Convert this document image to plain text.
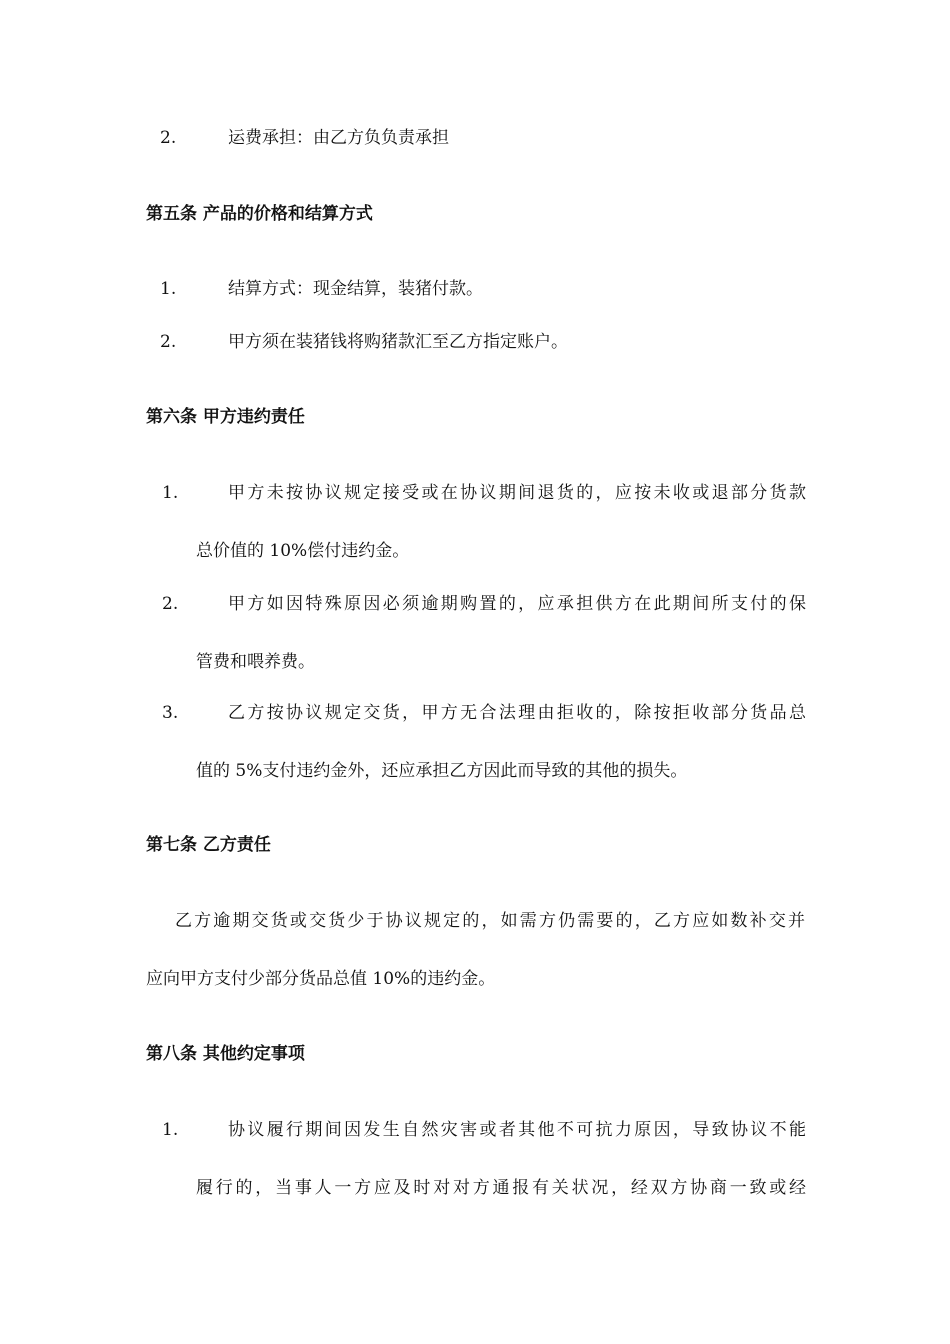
2.	运费承担：由乙方负负责承担
第五条 产品的价格和结算方式
1.	结算方式：现金结算，装猪付款。
2.	甲方须在装猪钱将购猪款汇至乙方指定账户。
第六条 甲方违约责任
1.	甲方未按协议规定接受或在协议期间退货的，应按未收或退部分货款
总价值的 10%偿付违约金。
2.	甲方如因特殊原因必须逾期购置的，应承担供方在此期间所支付的保
管费和喂养费。
3.	乙方按协议规定交货，甲方无合法理由拒收的，除按拒收部分货品总
值的 5%支付违约金外，还应承担乙方因此而导致的其他的损失。
第七条 乙方责任
乙方逾期交货或交货少于协议规定的，如需方仍需要的，乙方应如数补交并
应向甲方支付少部分货品总值 10%的违约金。
第八条 其他约定事项
1.	协议履行期间因发生自然灾害或者其他不可抗力原因，导致协议不能
履行的，当事人一方应及时对对方通报有关状况，经双方协商一致或经
